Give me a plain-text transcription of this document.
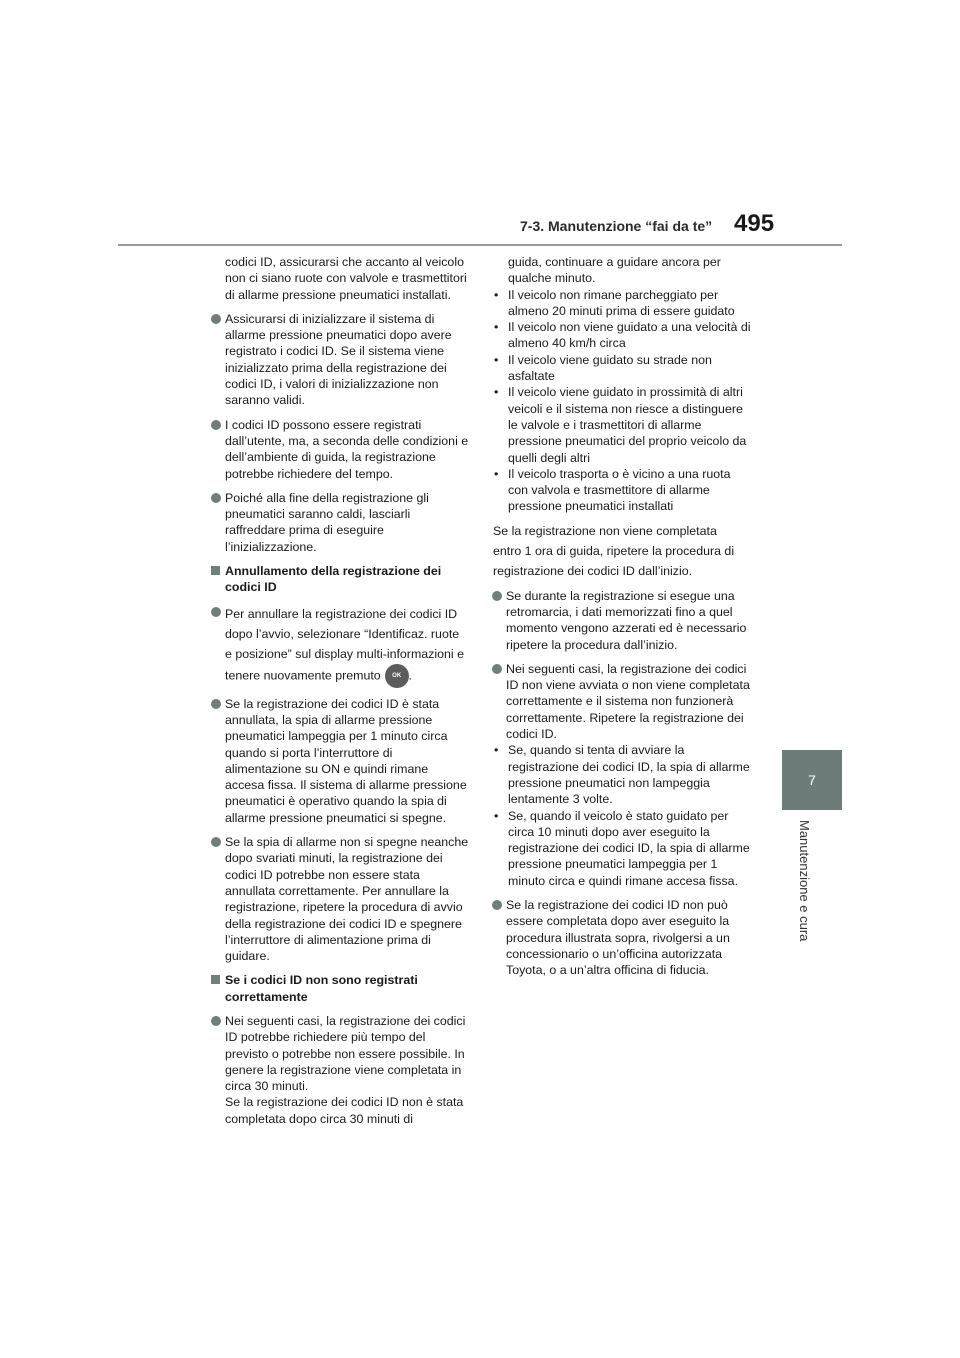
7-3. Manutenzione “fai da te” 495
7
Manutenzione e cura

codici ID, assicurarsi che accanto al veicolo non ci siano ruote con valvole e trasmettitori di allarme pressione pneumatici installati.

Assicurarsi di inizializzare il sistema di allarme pressione pneumatici dopo avere registrato i codici ID. Se il sistema viene inizializzato prima della registrazione dei codici ID, i valori di inizializzazione non saranno validi.
I codici ID possono essere registrati dall’utente, ma, a seconda delle condizioni e dell’ambiente di guida, la registrazione potrebbe richiedere del tempo.
Poiché alla fine della registrazione gli pneumatici saranno caldi, lasciarli raffreddare prima di eseguire l’inizializzazione.
Annullamento della registrazione dei codici ID
Per annullare la registrazione dei codici ID dopo l’avvio, selezionare “Identificaz. ruote e posizione” sul display multi-informazioni e tenere nuovamente premuto OK .
Se la registrazione dei codici ID è stata annullata, la spia di allarme pressione pneumatici lampeggia per 1 minuto circa quando si porta l’interruttore di alimentazione su ON e quindi rimane accesa fissa. Il sistema di allarme pressione pneumatici è operativo quando la spia di allarme pressione pneumatici si spegne.
Se la spia di allarme non si spegne neanche dopo svariati minuti, la registrazione dei codici ID potrebbe non essere stata annullata correttamente. Per annullare la registrazione, ripetere la procedura di avvio della registrazione dei codici ID e spegnere l’interruttore di alimentazione prima di guidare.
Se i codici ID non sono registrati correttamente

Nei seguenti casi, la registrazione dei codici ID potrebbe richiedere più tempo del previsto o potrebbe non essere possibile. In genere la registrazione viene completata in circa 30 minuti.

Se la registrazione dei codici ID non è stata completata dopo circa 30 minuti di

guida, continuare a guidare ancora per qualche minuto.

• Il veicolo non rimane parcheggiato per almeno 20 minuti prima di essere guidato
• Il veicolo non viene guidato a una velocità di almeno 40 km/h circa
• Il veicolo viene guidato su strade non asfaltate
• Il veicolo viene guidato in prossimità di altri veicoli e il sistema non riesce a distinguere le valvole e i trasmettitori di allarme pressione pneumatici del proprio veicolo da quelli degli altri
• Il veicolo trasporta o è vicino a una ruota con valvola e trasmettitore di allarme pressione pneumatici installati

Se la registrazione non viene completata

entro 1 ora di guida, ripetere la procedura di

registrazione dei codici ID dall’inizio.

Se durante la registrazione si esegue una retromarcia, i dati memorizzati fino a quel momento vengono azzerati ed è necessario ripetere la procedura dall’inizio.
Nei seguenti casi, la registrazione dei codici ID non viene avviata o non viene completata correttamente e il sistema non funzionerà correttamente. Ripetere la registrazione dei codici ID.
• Se, quando si tenta di avviare la registrazione dei codici ID, la spia di allarme pressione pneumatici non lampeggia lentamente 3 volte.
• Se, quando il veicolo è stato guidato per circa 10 minuti dopo aver eseguito la registrazione dei codici ID, la spia di allarme pressione pneumatici lampeggia per 1 minuto circa e quindi rimane accesa fissa.
Se la registrazione dei codici ID non può essere completata dopo aver eseguito la procedura illustrata sopra, rivolgersi a un concessionario o un’officina autorizzata Toyota, o a un’altra officina di fiducia.
